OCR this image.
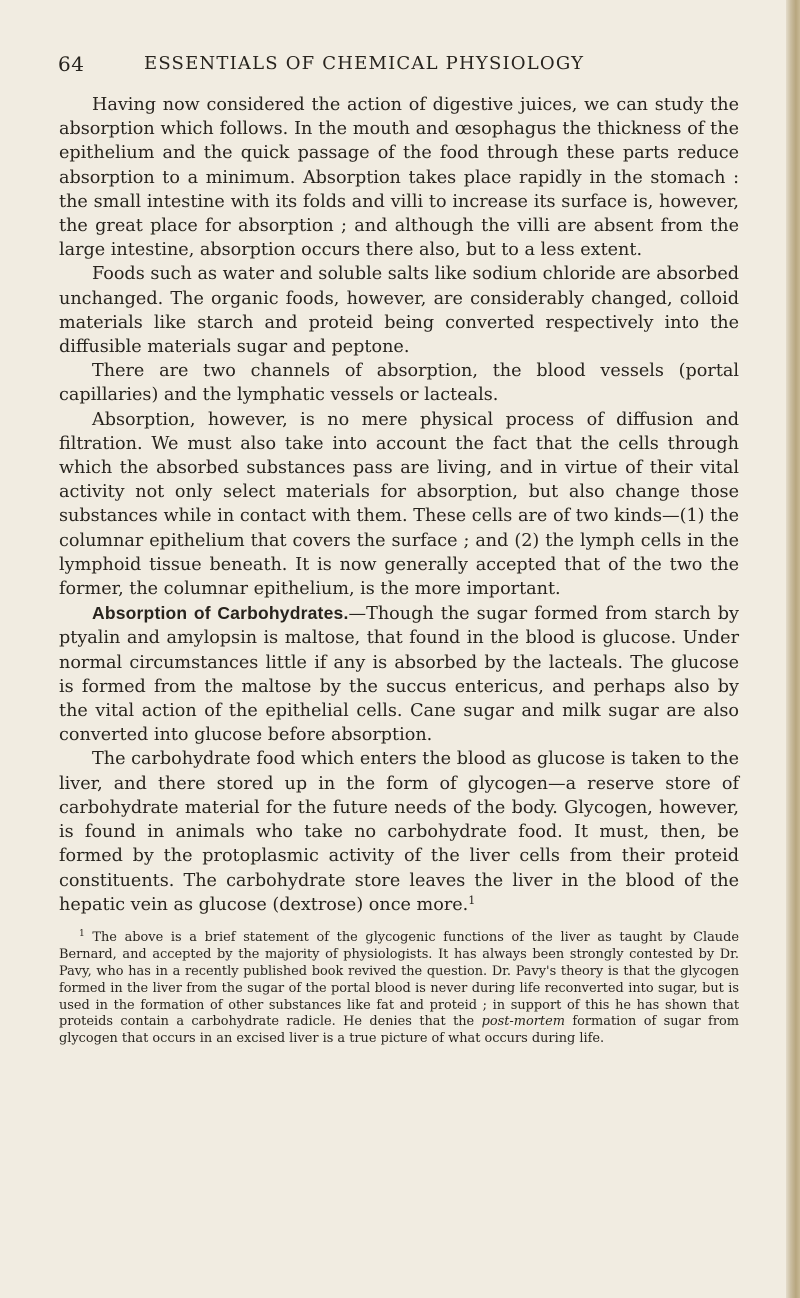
64	ESSENTIALS OF CHEMICAL PHYSIOLOGY

Having now considered the action of digestive juices, we can study the absorption which follows. In the mouth and œsophagus the thickness of the epithelium and the quick passage of the food through these parts reduce absorption to a minimum. Absorption takes place rapidly in the stomach : the small intestine with its folds and villi to increase its surface is, however, the great place for absorption ; and although the villi are absent from the large intestine, absorption occurs there also, but to a less extent.

Foods such as water and soluble salts like sodium chloride are absorbed unchanged. The organic foods, however, are considerably changed, colloid materials like starch and proteid being converted respectively into the diffusible materials sugar and peptone.

There are two channels of absorption, the blood vessels (portal capillaries) and the lymphatic vessels or lacteals.

Absorption, however, is no mere physical process of diffusion and filtration. We must also take into account the fact that the cells through which the absorbed substances pass are living, and in virtue of their vital activity not only select materials for absorption, but also change those substances while in contact with them. These cells are of two kinds—(1) the columnar epithelium that covers the surface ; and (2) the lymph cells in the lymphoid tissue beneath. It is now generally accepted that of the two the former, the columnar epithelium, is the more important.

Absorption of Carbohydrates.—Though the sugar formed from starch by ptyalin and amylopsin is maltose, that found in the blood is glucose. Under normal circumstances little if any is absorbed by the lacteals. The glucose is formed from the maltose by the succus entericus, and perhaps also by the vital action of the epithelial cells. Cane sugar and milk sugar are also converted into glucose before absorption.

The carbohydrate food which enters the blood as glucose is taken to the liver, and there stored up in the form of glycogen—a reserve store of carbohydrate material for the future needs of the body. Glycogen, however, is found in animals who take no carbohydrate food. It must, then, be formed by the protoplasmic activity of the liver cells from their proteid constituents. The carbohydrate store leaves the liver in the blood of the hepatic vein as glucose (dextrose) once more.$^1$

$^1$ The above is a brief statement of the glycogenic functions of the liver as taught by Claude Bernard, and accepted by the majority of physiologists. It has always been strongly contested by Dr. Pavy, who has in a recently published book revived the question. Dr. Pavy's theory is that the glycogen formed in the liver from the sugar of the portal blood is never during life reconverted into sugar, but is used in the formation of other substances like fat and proteid ; in support of this he has shown that proteids contain a carbohydrate radicle. He denies that the post-mortem formation of sugar from glycogen that occurs in an excised liver is a true picture of what occurs during life.
